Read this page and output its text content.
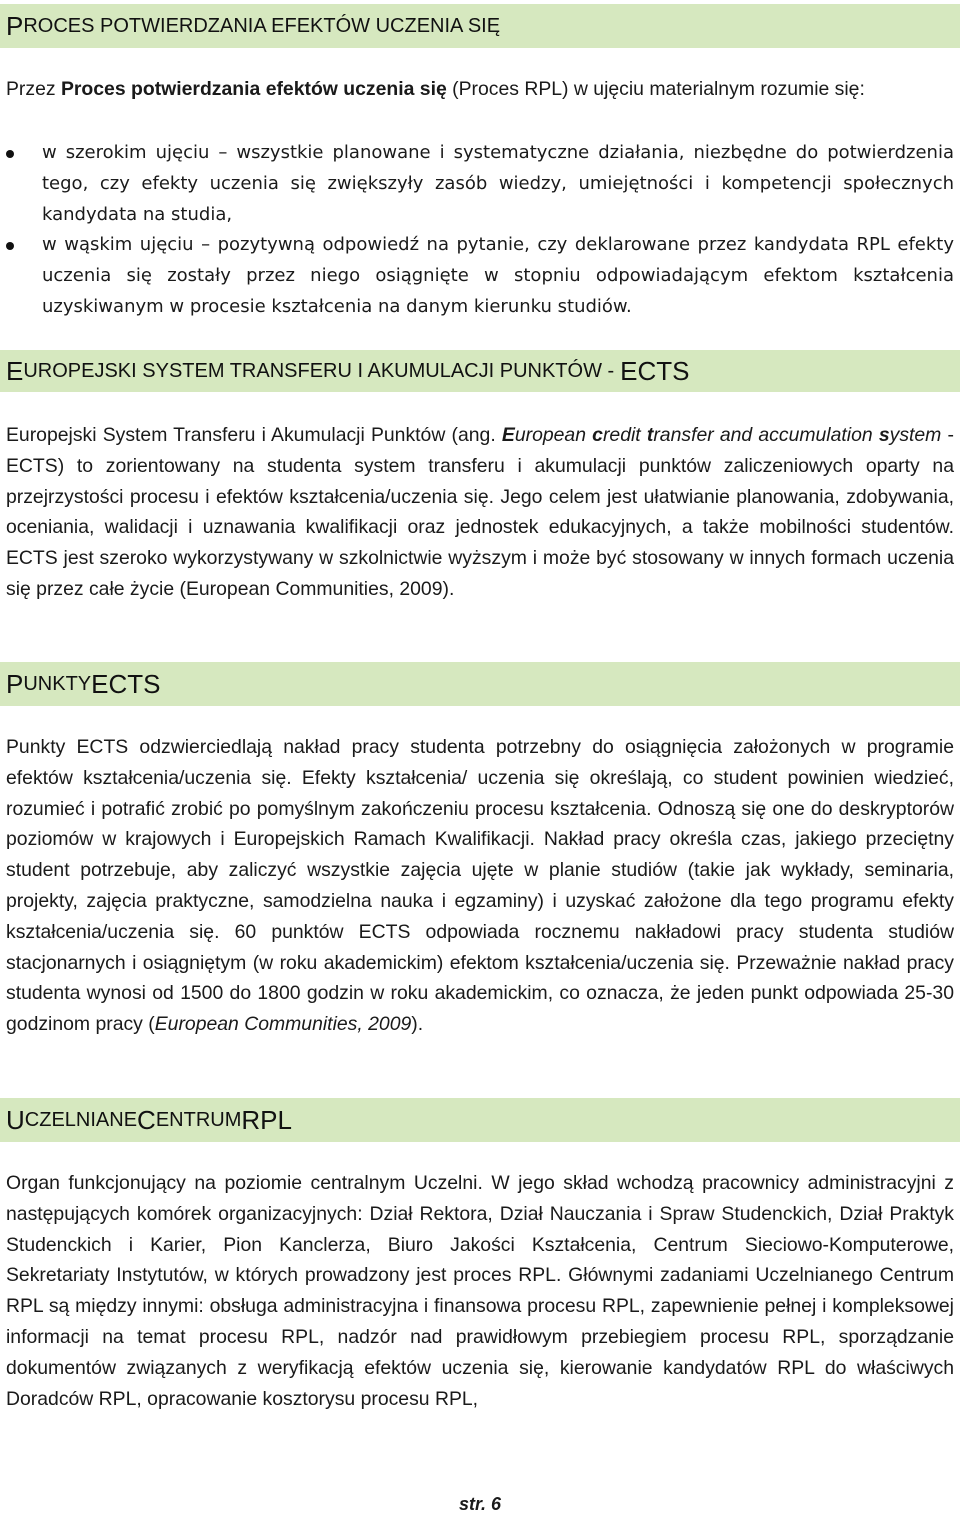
P ROCES POTWIERDZANIA EFEKTÓW UCZENIA SIĘ

Przez Proces potwierdzania efektów uczenia się (Proces RPL) w ujęciu materialnym rozumie się:

w szerokim ujęciu – wszystkie planowane i systematyczne działania, niezbędne do potwierdzenia tego, czy efekty uczenia się zwiększyły zasób wiedzy, umiejętności i kompetencji społecznych kandydata na studia,
w wąskim ujęciu – pozytywną odpowiedź na pytanie, czy deklarowane przez kandydata RPL efekty uczenia się zostały przez niego osiągnięte w stopniu odpowiadającym efektom kształcenia uzyskiwanym w procesie kształcenia na danym kierunku studiów.
E UROPEJSKI SYSTEM TRANSFERU I AKUMULACJI PUNKTÓW - ECTS

Europejski System Transferu i Akumulacji Punktów (ang. European credit transfer and accumulation system - ECTS) to zorientowany na studenta system transferu i akumulacji punktów zaliczeniowych oparty na przejrzystości procesu i efektów kształcenia/uczenia się. Jego celem jest ułatwianie planowania, zdobywania, oceniania, walidacji i uznawania kwalifikacji oraz jednostek edukacyjnych, a także mobilności studentów. ECTS jest szeroko wykorzystywany w szkolnictwie wyższym i może być stosowany w innych formach uczenia się przez całe życie (European Communities, 2009).

P UNKTY ECTS

Punkty ECTS odzwierciedlają nakład pracy studenta potrzebny do osiągnięcia założonych w programie efektów kształcenia/uczenia się. Efekty kształcenia/ uczenia się określają, co student powinien wiedzieć, rozumieć i potrafić zrobić po pomyślnym zakończeniu procesu kształcenia. Odnoszą się one do deskryptorów poziomów w krajowych i Europejskich Ramach Kwalifikacji. Nakład pracy określa czas, jakiego przeciętny student potrzebuje, aby zaliczyć wszystkie zajęcia ujęte w planie studiów (takie jak wykłady, seminaria, projekty, zajęcia praktyczne, samodzielna nauka i egzaminy) i uzyskać założone dla tego programu efekty kształcenia/uczenia się. 60 punktów ECTS odpowiada rocznemu nakładowi pracy studenta studiów stacjonarnych i osiągniętym (w roku akademickim) efektom kształcenia/uczenia się. Przeważnie nakład pracy studenta wynosi od 1500 do 1800 godzin w roku akademickim, co oznacza, że jeden punkt odpowiada 25-30 godzinom pracy (European Communities, 2009).

U CZELNIANE C ENTRUM RPL

Organ funkcjonujący na poziomie centralnym Uczelni. W jego skład wchodzą pracownicy administracyjni z następujących komórek organizacyjnych: Dział Rektora, Dział Nauczania i Spraw Studenckich, Dział Praktyk Studenckich i Karier, Pion Kanclerza, Biuro Jakości Kształcenia, Centrum Sieciowo-Komputerowe, Sekretariaty Instytutów, w których prowadzony jest proces RPL. Głównymi zadaniami Uczelnianego Centrum RPL są między innymi: obsługa administracyjna i finansowa procesu RPL, zapewnienie pełnej i kompleksowej informacji na temat procesu RPL, nadzór nad prawidłowym przebiegiem procesu RPL, sporządzanie dokumentów związanych z weryfikacją efektów uczenia się, kierowanie kandydatów RPL do właściwych Doradców RPL, opracowanie kosztorysu procesu RPL,

str. 6
